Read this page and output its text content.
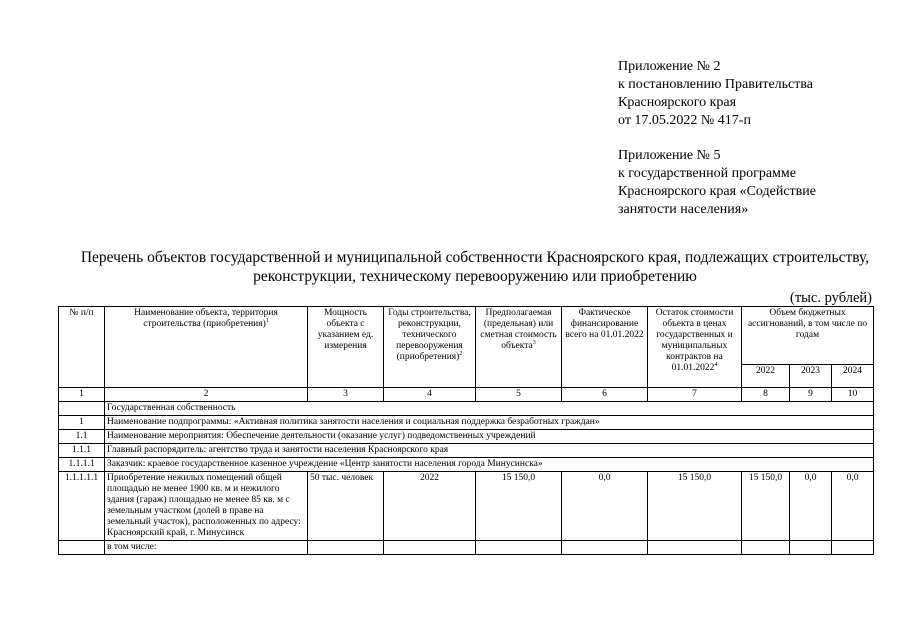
Приложение № 2
к постановлению Правительства
Красноярского края
от 17.05.2022 № 417-п
Приложение № 5
к государственной программе
Красноярского края «Содействие
занятости населения»
Перечень объектов государственной и муниципальной собственности Красноярского края, подлежащих строительству,
реконструкции, техническому перевооружению или приобретению
(тыс. рублей)
№ п/п	Наименование объекта, территория строительства (приобретения)$^1$	Мощность объекта с указанием ед. измерения	Годы строительства, реконструкции, технического перевооружения (приобретения)$^2$	Предполагаемая (предельная) или сметная стоимость объекта$^3$	Фактическое финансирование всего на 01.01.2022	Остаток стоимости объекта в ценах государственных и муниципальных контрактов на 01.01.2022$^4$	Объем бюджетных ассигнований, в том числе по годам		
							2022	2023	2024
1	2	3	4	5	6	7	8	9	10
	Государственная собственность								
1	Наименование подпрограммы: «Активная политика занятости населения и социальная поддержка безработных граждан»								
1.1	Наименование мероприятия: Обеспечение деятельности (оказание услуг) подведомственных учреждений								
1.1.1	Главный распорядитель: агентство труда и занятости населения Красноярского края								
1.1.1.1	Заказчик: краевое государственное казенное учреждение «Центр занятости населения города Минусинска»								
1.1.1.1.1	Приобретение нежилых помещений общей площадью не менее 1900 кв. м и нежилого здания (гараж) площадью не менее 85 кв. м с земельным участком (долей в праве на земельный участок), расположенных по адресу: Красноярский край, г. Минусинск	50 тыс. человек	2022	15 150,0	0,0	15 150,0	15 150,0	0,0	0,0
	в том числе:								
